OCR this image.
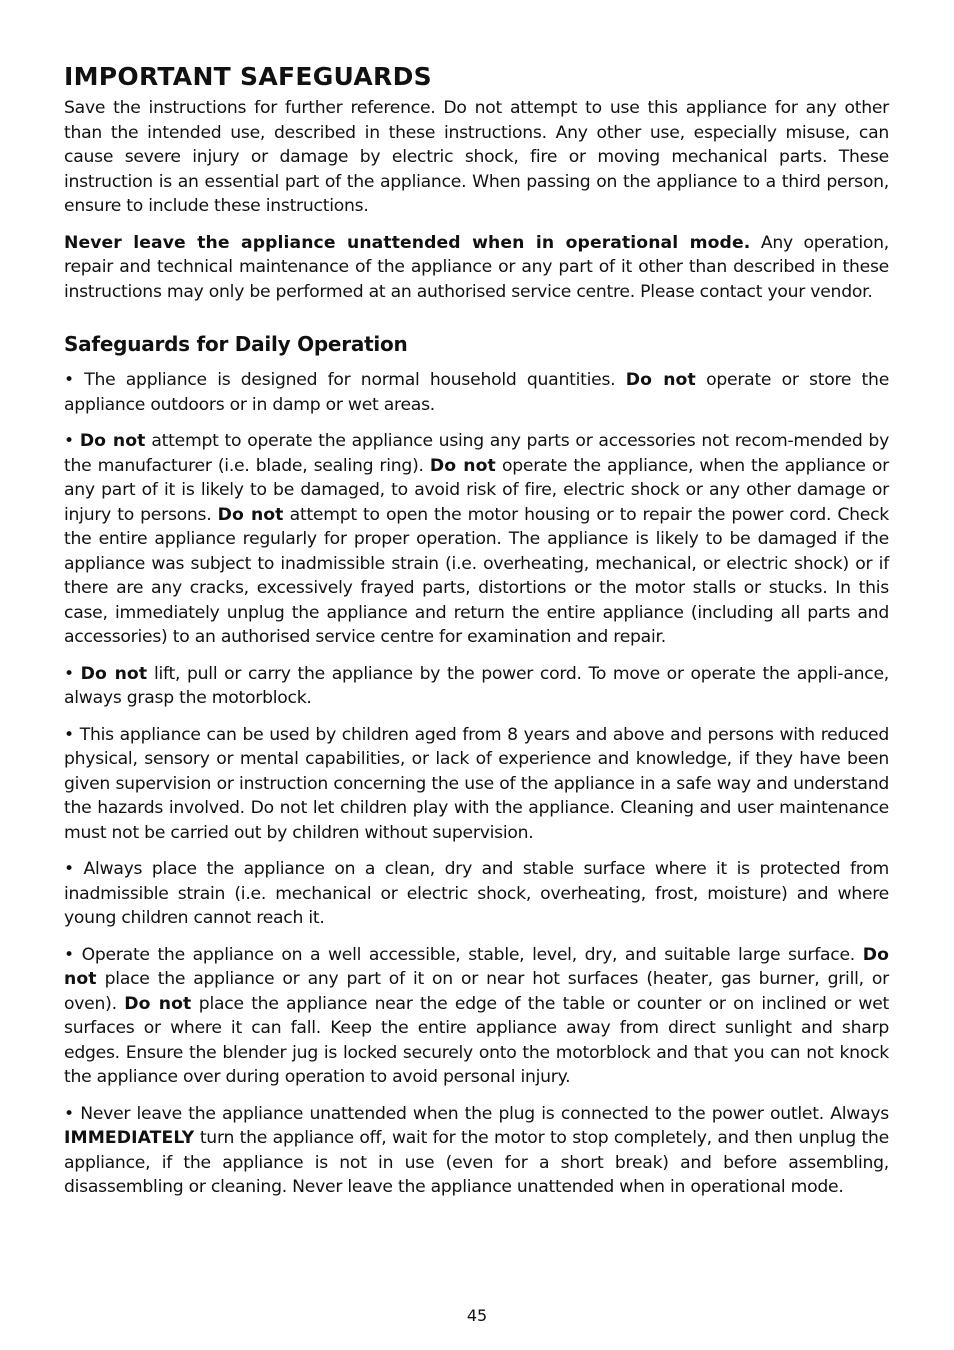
IMPORTANT SAFEGUARDS

Save the instructions for further reference. Do not attempt to use this appliance for any other than the intended use, described in these instructions. Any other use, especially misuse, can cause severe injury or damage by electric shock, fire or moving mechanical parts. These instruction is an essential part of the appliance. When passing on the appliance to a third person, ensure to include these instructions.

Never leave the appliance unattended when in operational mode. Any operation, repair and technical maintenance of the appliance or any part of it other than described in these instructions may only be performed at an authorised service centre. Please contact your vendor.

Safeguards for Daily Operation

• The appliance is designed for normal household quantities. Do not operate or store the appliance outdoors or in damp or wet areas.

• Do not attempt to operate the appliance using any parts or accessories not recom-mended by the manufacturer (i.e. blade, sealing ring). Do not operate the appliance, when the appliance or any part of it is likely to be damaged, to avoid risk of fire, electric shock or any other damage or injury to persons. Do not attempt to open the motor housing or to repair the power cord. Check the entire appliance regularly for proper operation. The appliance is likely to be damaged if the appliance was subject to inadmissible strain (i.e. overheating, mechanical, or electric shock) or if there are any cracks, excessively frayed parts, distortions or the motor stalls or stucks. In this case, immediately unplug the appliance and return the entire appliance (including all parts and accessories) to an authorised service centre for examination and repair.

• Do not lift, pull or carry the appliance by the power cord. To move or operate the appli-ance, always grasp the motorblock.

• This appliance can be used by children aged from 8 years and above and persons with reduced physical, sensory or mental capabilities, or lack of experience and knowledge, if they have been given supervision or instruction concerning the use of the appliance in a safe way and understand the hazards involved. Do not let children play with the appliance. Cleaning and user maintenance must not be carried out by children without supervision.

• Always place the appliance on a clean, dry and stable surface where it is protected from inadmissible strain (i.e. mechanical or electric shock, overheating, frost, moisture) and where young children cannot reach it.

• Operate the appliance on a well accessible, stable, level, dry, and suitable large surface. Do not place the appliance or any part of it on or near hot surfaces (heater, gas burner, grill, or oven). Do not place the appliance near the edge of the table or counter or on inclined or wet surfaces or where it can fall. Keep the entire appliance away from direct sunlight and sharp edges. Ensure the blender jug is locked securely onto the motorblock and that you can not knock the appliance over during operation to avoid personal injury.

• Never leave the appliance unattended when the plug is connected to the power outlet. Always IMMEDIATELY turn the appliance off, wait for the motor to stop completely, and then unplug the appliance, if the appliance is not in use (even for a short break) and before assembling, disassembling or cleaning. Never leave the appliance unattended when in operational mode.

45
